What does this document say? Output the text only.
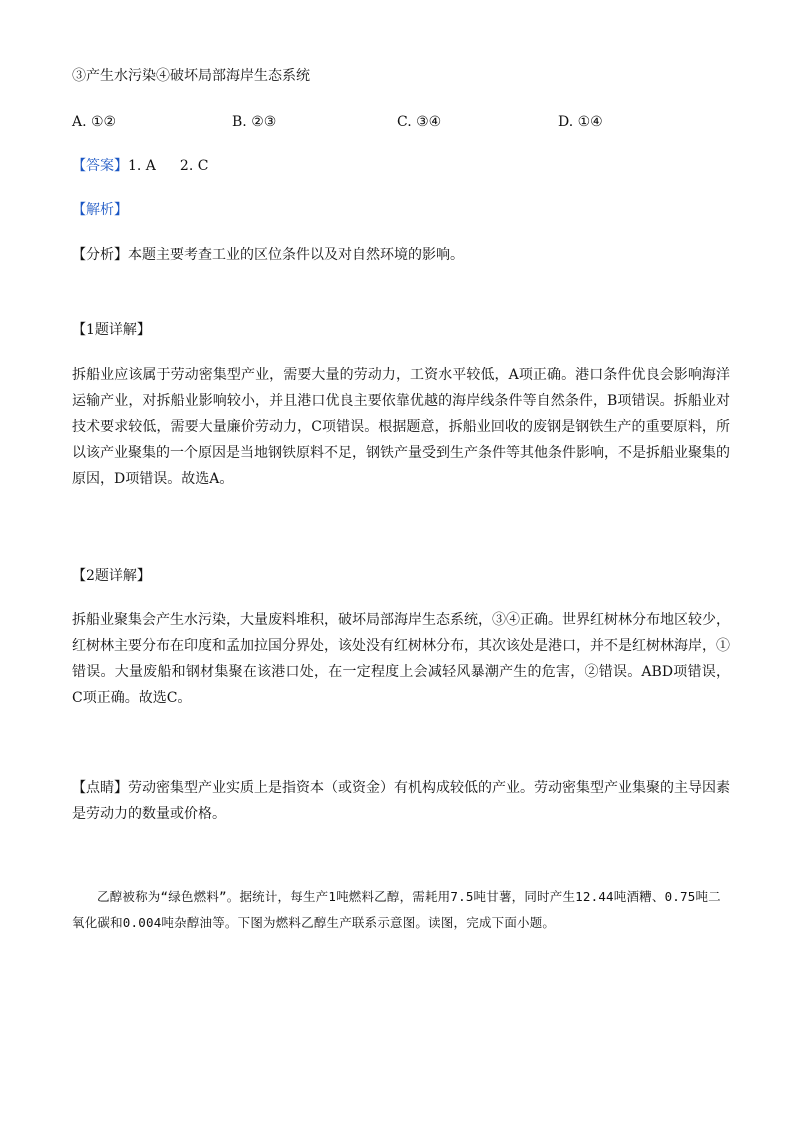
③产生水污染④破坏局部海岸生态系统
A. ①②	B. ②③	C. ③④	D. ①④
【答案】1. A 2. C
【解析】
【分析】本题主要考查工业的区位条件以及对自然环境的影响。
【1题详解】
拆船业应该属于劳动密集型产业，需要大量的劳动力，工资水平较低，A项正确。港口条件优良会影响海洋运输产业，对拆船业影响较小，并且港口优良主要依靠优越的海岸线条件等自然条件，B项错误。拆船业对技术要求较低，需要大量廉价劳动力，C项错误。根据题意，拆船业回收的废钢是钢铁生产的重要原料，所以该产业聚集的一个原因是当地钢铁原料不足，钢铁产量受到生产条件等其他条件影响，不是拆船业聚集的原因，D项错误。故选A。
【2题详解】
拆船业聚集会产生水污染，大量废料堆积，破坏局部海岸生态系统，③④正确。世界红树林分布地区较少，红树林主要分布在印度和孟加拉国分界处，该处没有红树林分布，其次该处是港口，并不是红树林海岸，①错误。大量废船和钢材集聚在该港口处，在一定程度上会减轻风暴潮产生的危害，②错误。ABD项错误，C项正确。故选C。
【点睛】劳动密集型产业实质上是指资本（或资金）有机构成较低的产业。劳动密集型产业集聚的主导因素是劳动力的数量或价格。
乙醇被称为“绿色燃料”。据统计，每生产1吨燃料乙醇，需耗用7.5吨甘薯，同时产生12.44吨酒糟、0.75吨二氧化碳和0.004吨杂醇油等。下图为燃料乙醇生产联系示意图。读图，完成下面小题。
